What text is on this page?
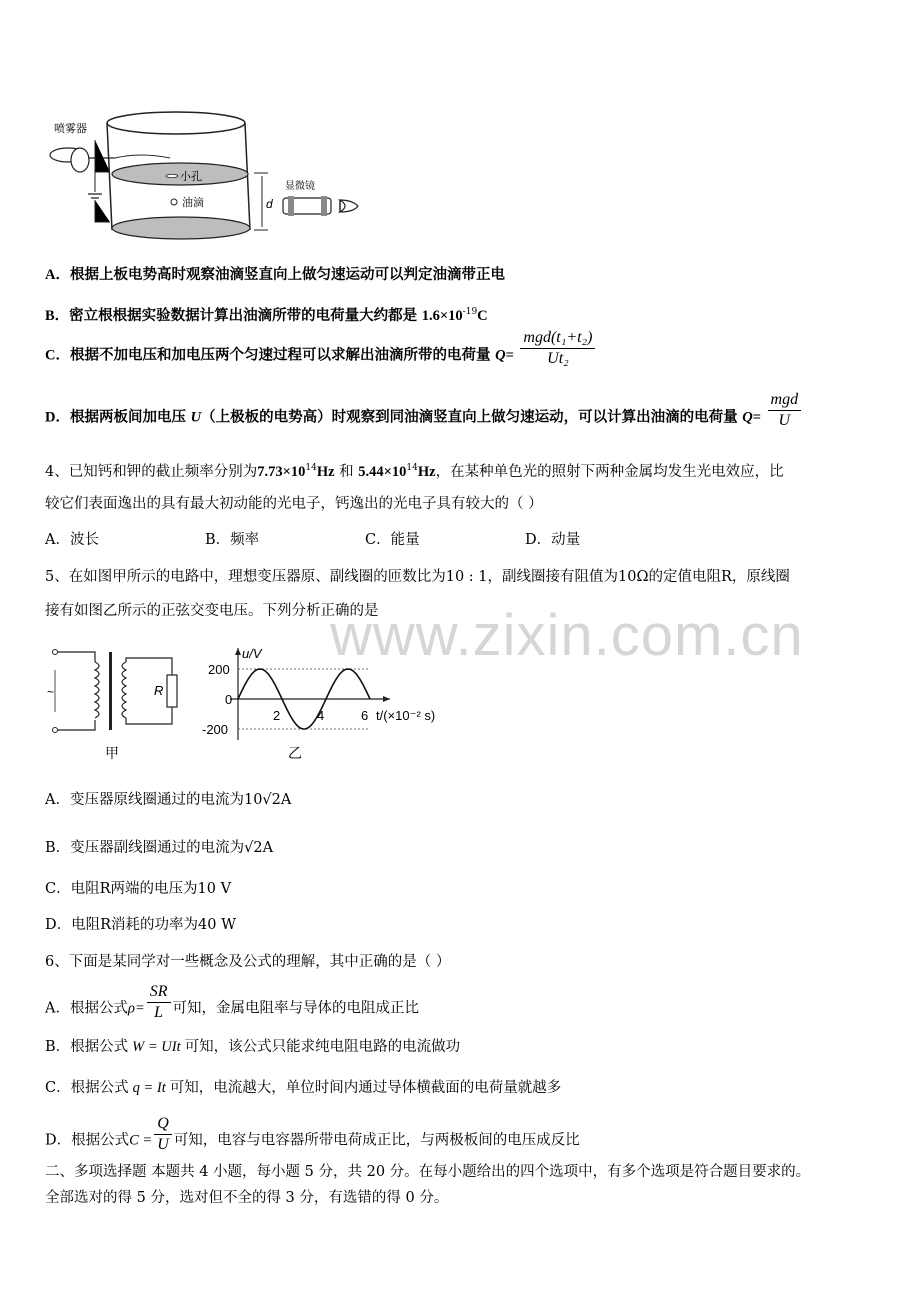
喷雾器
小孔
油滴	d
显微镜
A．根据上板电势高时观察油滴竖直向上做匀速运动可以判定油滴带正电
B．密立根根据实验数据计算出油滴所带的电荷量大约都是 $1.6\times 10^{-19}C$
C．根据不加电压和加电压两个匀速过程可以求解出油滴所带的电荷量 $Q= \frac{\text{mgd(t₁+t₂)}}{\text{Ut₂}}$
D．根据两板间加电压 U（上极板的电势高）时观察到同油滴竖直向上做匀速运动，可以计算出油滴的电荷量 $Q= \frac{\text{mgd}}{U}$
4、已知钙和钾的截止频率分别为$7.73\times 10^{14}Hz$ 和 $5.44\times 10^{14}Hz$，在某种单色光的照射下两种金属均发生光电效应，比
较它们表面逸出的具有最大初动能的光电子，钙逸出的光电子具有较大的（ ）
A．波长	B．频率	C．能量	D．动量
5、在如图甲所示的电路中，理想变压器原、副线圈的匝数比为10 : 1，副线圈接有阻值为10Ω的定值电阻R，原线圈
接有如图乙所示的正弦交变电压。下列分析正确的是
www.zixin.com.cn
~	R
甲
u/V
t/(×10⁻² s)
200
0
-200
2	4	6
乙
A．变压器原线圈通过的电流为10√2A
B．变压器副线圈通过的电流为√2A
C．电阻R两端的电压为10 V
D．电阻R消耗的功率为40 W
6、下面是某同学对一些概念及公式的理解，其中正确的是（ ）
A．根据公式$\rho= \frac{SR}{L}$ 可知，金属电阻率与导体的电阻成正比
B．根据公式 W = UIt 可知，该公式只能求纯电阻电路的电流做功
C．根据公式 q = It 可知，电流越大，单位时间内通过导体横截面的电荷量就越多
D．根据公式$C = \frac{Q}{U}$ 可知，电容与电容器所带电荷成正比，与两极板间的电压成反比
二、多项选择题 本题共 4 小题，每小题 5 分，共 20 分。在每小题给出的四个选项中，有多个选项是符合题目要求的。
全部选对的得 5 分，选对但不全的得 3 分，有选错的得 0 分。
